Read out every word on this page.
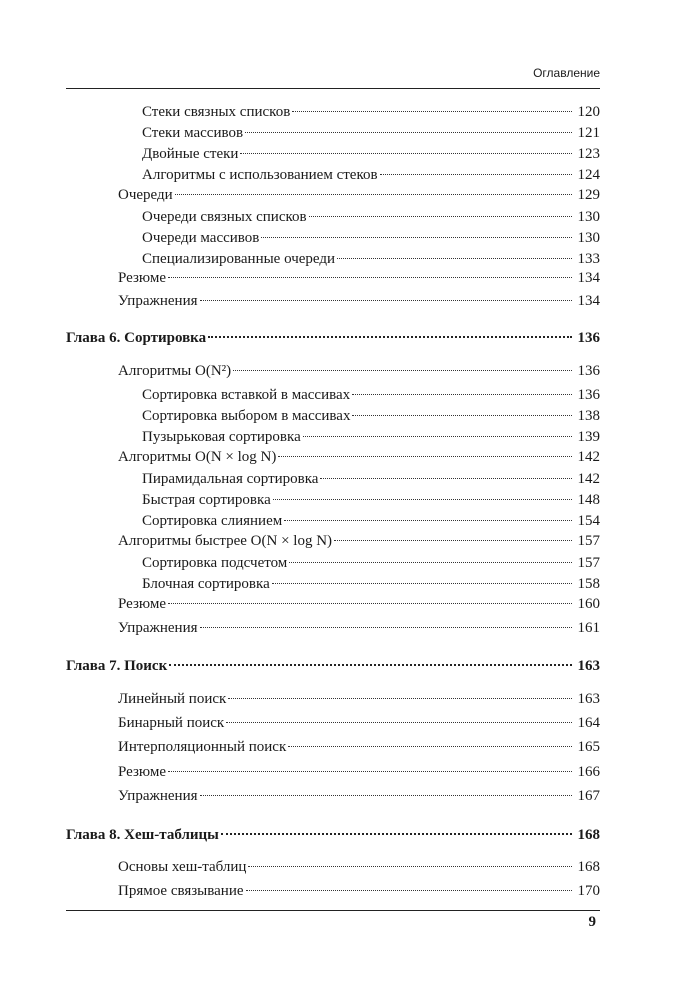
Оглавление
Стеки связных списков	120
Стеки массивов	121
Двойные стеки	123
Алгоритмы с использованием стеков	124
Очереди	129
Очереди связных списков	130
Очереди массивов	130
Специализированные очереди	133
Резюме	134
Упражнения	134
Глава 6. Сортировка	136
Алгоритмы O(N²)	136
Сортировка вставкой в массивах	136
Сортировка выбором в массивах	138
Пузырьковая сортировка	139
Алгоритмы O(N × log N)	142
Пирамидальная сортировка	142
Быстрая сортировка	148
Сортировка слиянием	154
Алгоритмы быстрее O(N × log N)	157
Сортировка подсчетом	157
Блочная сортировка	158
Резюме	160
Упражнения	161
Глава 7. Поиск	163
Линейный поиск	163
Бинарный поиск	164
Интерполяционный поиск	165
Резюме	166
Упражнения	167
Глава 8. Хеш-таблицы	168
Основы хеш-таблиц	168
Прямое связывание	170
9
